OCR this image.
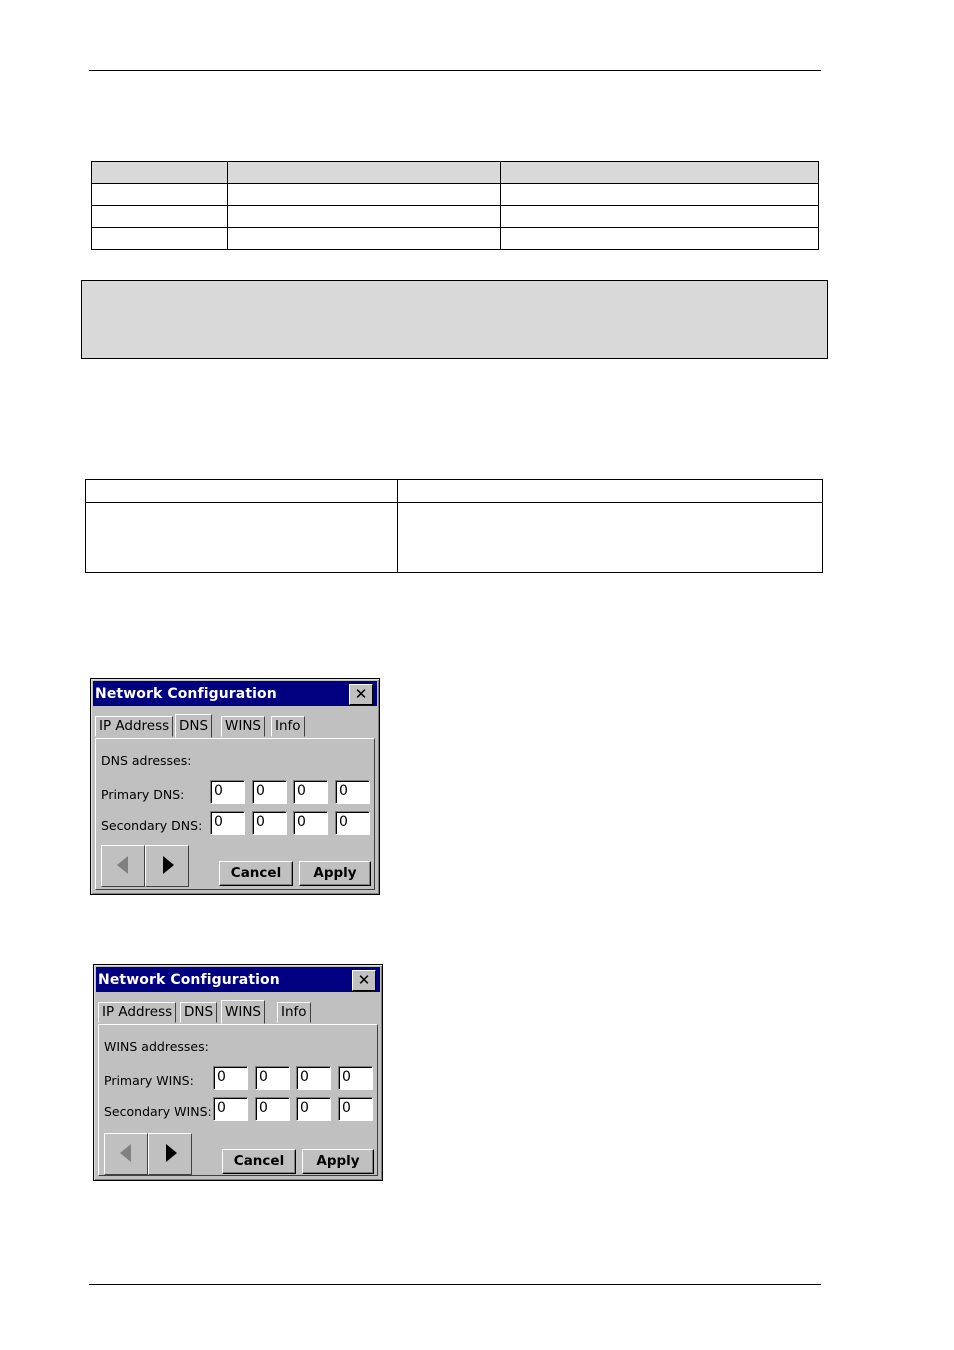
Network Configuration	✕
IP Address DNS WINS Info
DNS adresses:
Primary DNS: 0 0 0 0
Secondary DNS: 0 0 0 0
Cancel	Apply
Network Configuration	✕
IP Address DNS WINS Info
WINS addresses:
Primary WINS: 0 0 0 0
Secondary WINS: 0 0 0 0
Cancel	Apply
